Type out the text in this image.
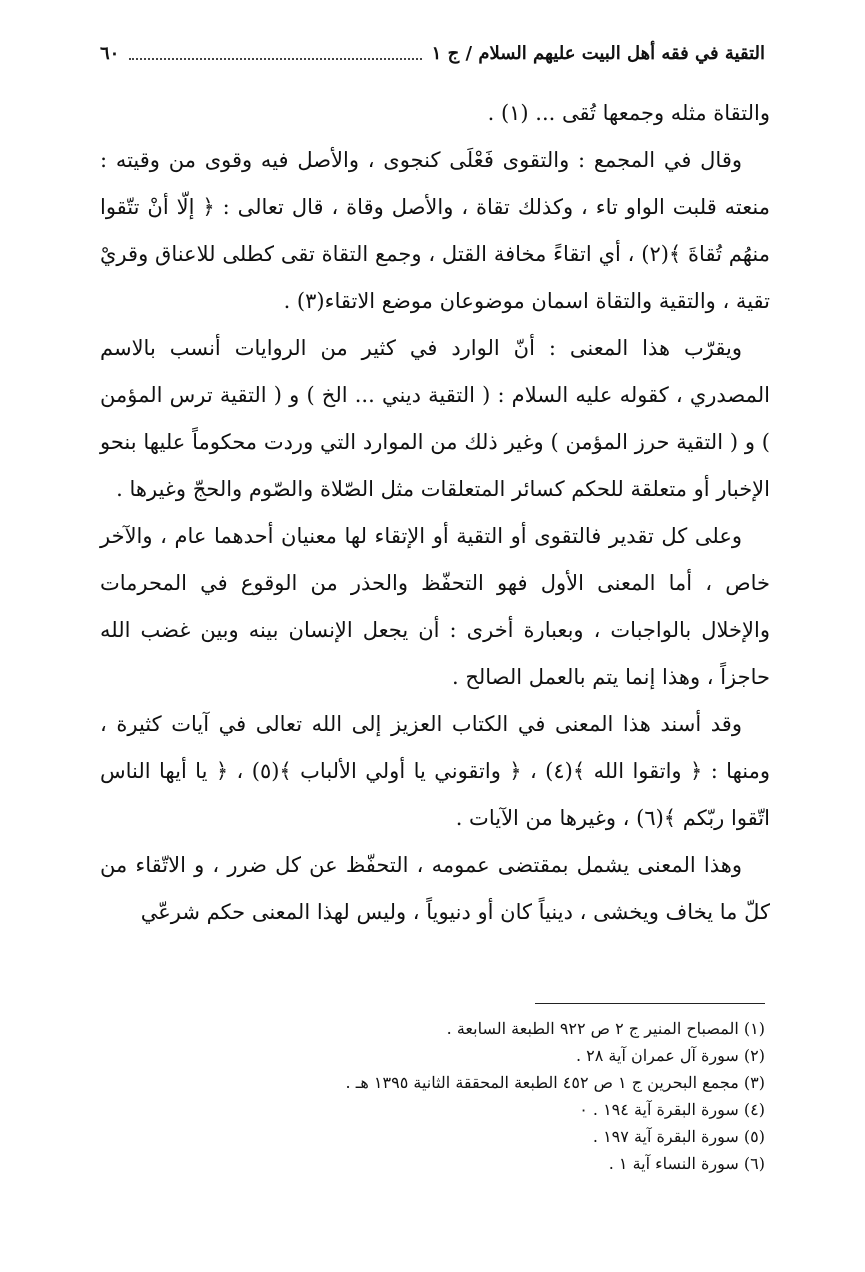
التقية في فقه أهل البيت عليهم السلام / ج ١
٦٠

والتقاة مثله وجمعها تُقى ... (١) .

وقال في المجمع : والتقوى فَعْلَى كنجوى ، والأصل فيه وقوى من وقيته : منعته قلبت الواو تاء ، وكذلك تقاة ، والأصل وقاة ، قال تعالى : ﴿ إلّا أنْ تتّقوا منهُم تُقاةَ ﴾(٢) ، أي اتقاءً مخافة القتل ، وجمع التقاة تقى كطلى للاعناق وقريْ تقية ، والتقية والتقاة اسمان موضوعان موضع الاتقاء(٣) .

ويقرّب هذا المعنى : أنّ الوارد في كثير من الروايات أنسب بالاسم المصدري ، كقوله عليه السلام : ( التقية ديني ... الخ ) و ( التقية ترس المؤمن ) و ( التقية حرز المؤمن ) وغير ذلك من الموارد التي وردت محكوماً عليها بنحو الإخبار أو متعلقة للحكم كسائر المتعلقات مثل الصّلاة والصّوم والحجّ وغيرها .

وعلى كل تقدير فالتقوى أو التقية أو الإتقاء لها معنيان أحدهما عام ، والآخر خاص ، أما المعنى الأول فهو التحفّظ والحذر من الوقوع في المحرمات والإخلال بالواجبات ، وبعبارة أخرى : أن يجعل الإنسان بينه وبين غضب الله حاجزاً ، وهذا إنما يتم بالعمل الصالح .

وقد أسند هذا المعنى في الكتاب العزيز إلى الله تعالى في آيات كثيرة ، ومنها : ﴿ واتقوا الله ﴾(٤) ، ﴿ واتقوني يا أولي الألباب ﴾(٥) ، ﴿ يا أيها الناس اتّقوا ربّكم ﴾(٦) ، وغيرها من الآيات .

وهذا المعنى يشمل بمقتضى عمومه ، التحفّظ عن كل ضرر ، و الاتّقاء من كلّ ما يخاف ويخشى ، دينياً كان أو دنيوياً ، وليس لهذا المعنى حكم شرعّي

(١) المصباح المنير ج ٢ ص ٩٢٢ الطبعة السابعة .
(٢) سورة آل عمران آية ٢٨ .
(٣) مجمع البحرين ج ١ ص ٤٥٢ الطبعة المحققة الثانية ١٣٩٥ هـ .
(٤) سورة البقرة آية ١٩٤ . ٠
(٥) سورة البقرة آية ١٩٧ .
(٦) سورة النساء آية ١ .
